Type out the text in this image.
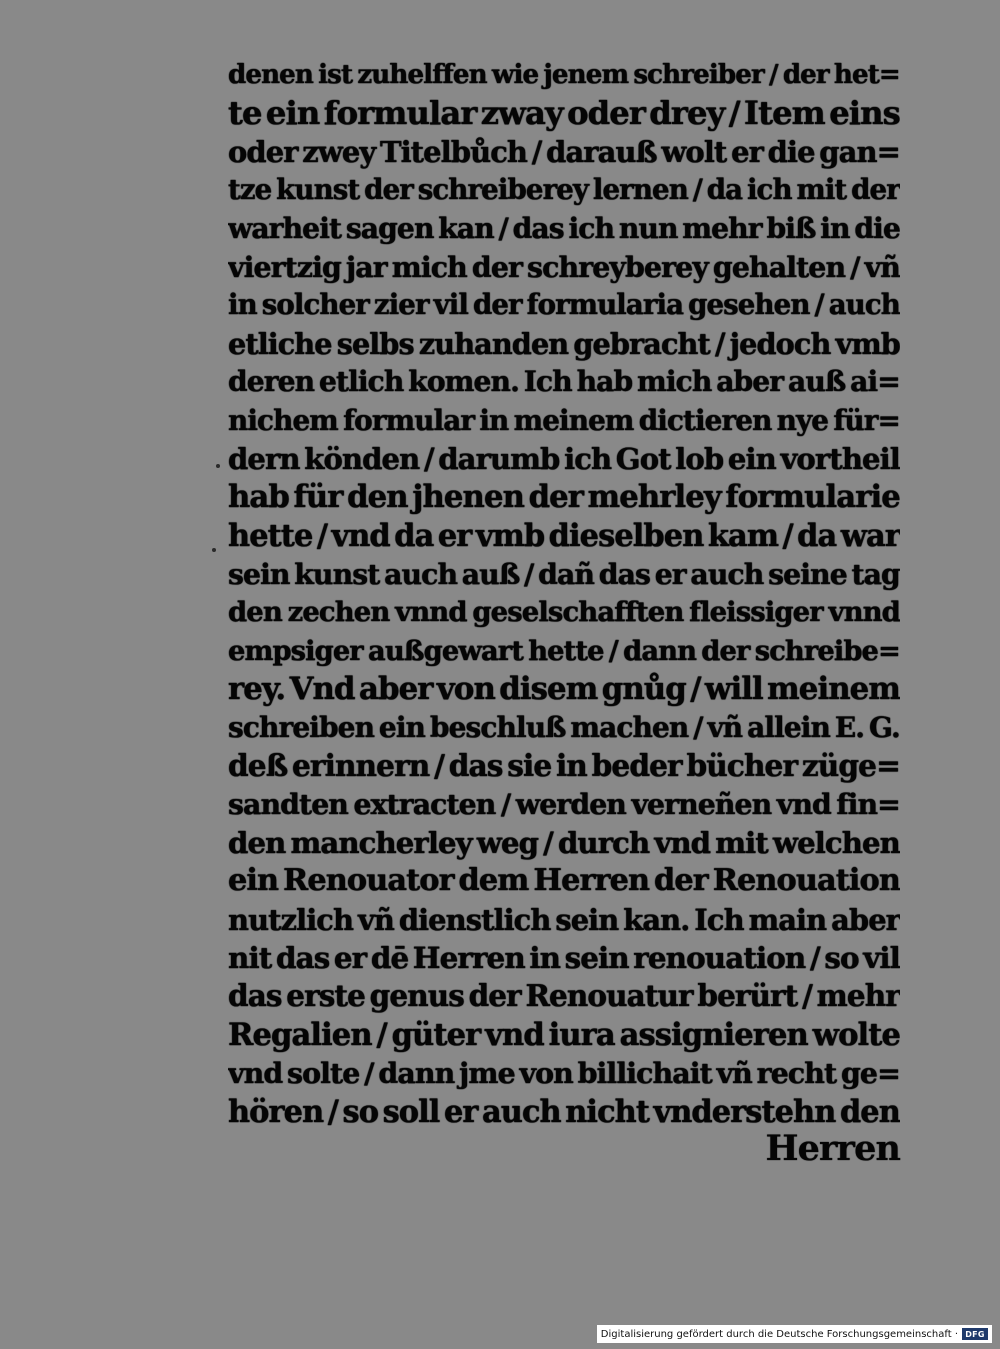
denen ist zuhelffen wie jenem schreiber / der het=
te ein formular zway oder drey / Item eins
oder zwey Titelbůch / darauß wolt er die gan=
tze kunst der schreiberey lernen / da ich mit der
warheit sagen kan / das ich nun mehr biß in die
viertzig jar mich der schreyberey gehalten / vñ
in solcher zier vil der formularia gesehen / auch
etliche selbs zuhanden gebracht / jedoch vmb
deren etlich komen. Ich hab mich aber auß ai=
nichem formular in meinem dictieren nye für=
dern könden / darumb ich Got lob ein vortheil
hab für den jhenen der mehrley formularie
hette / vnd da er vmb dieselben kam / da war
sein kunst auch auß / dañ das er auch seine tag
den zechen vnnd geselschafften fleissiger vnnd
empsiger außgewart hette / dann der schreibe=
rey. Vnd aber von disem gnůg / will meinem
schreiben ein beschluß machen / vñ allein E. G.
deß erinnern / das sie in beder bücher züge=
sandten extracten / werden verneñen vnd fin=
den mancherley weg / durch vnd mit welchen
ein Renouator dem Herren der Renouation
nutzlich vñ dienstlich sein kan. Ich main aber
nit das er dē Herren in sein renouation / so vil
das erste genus der Renouatur berürt / mehr
Regalien / güter vnd iura assignieren wolte
vnd solte / dann jme von billichait vñ recht ge=
hören / so soll er auch nicht vnderstehn den
Herren
Digitalisierung gefördert durch die Deutsche Forschungsgemeinschaft · DFG
